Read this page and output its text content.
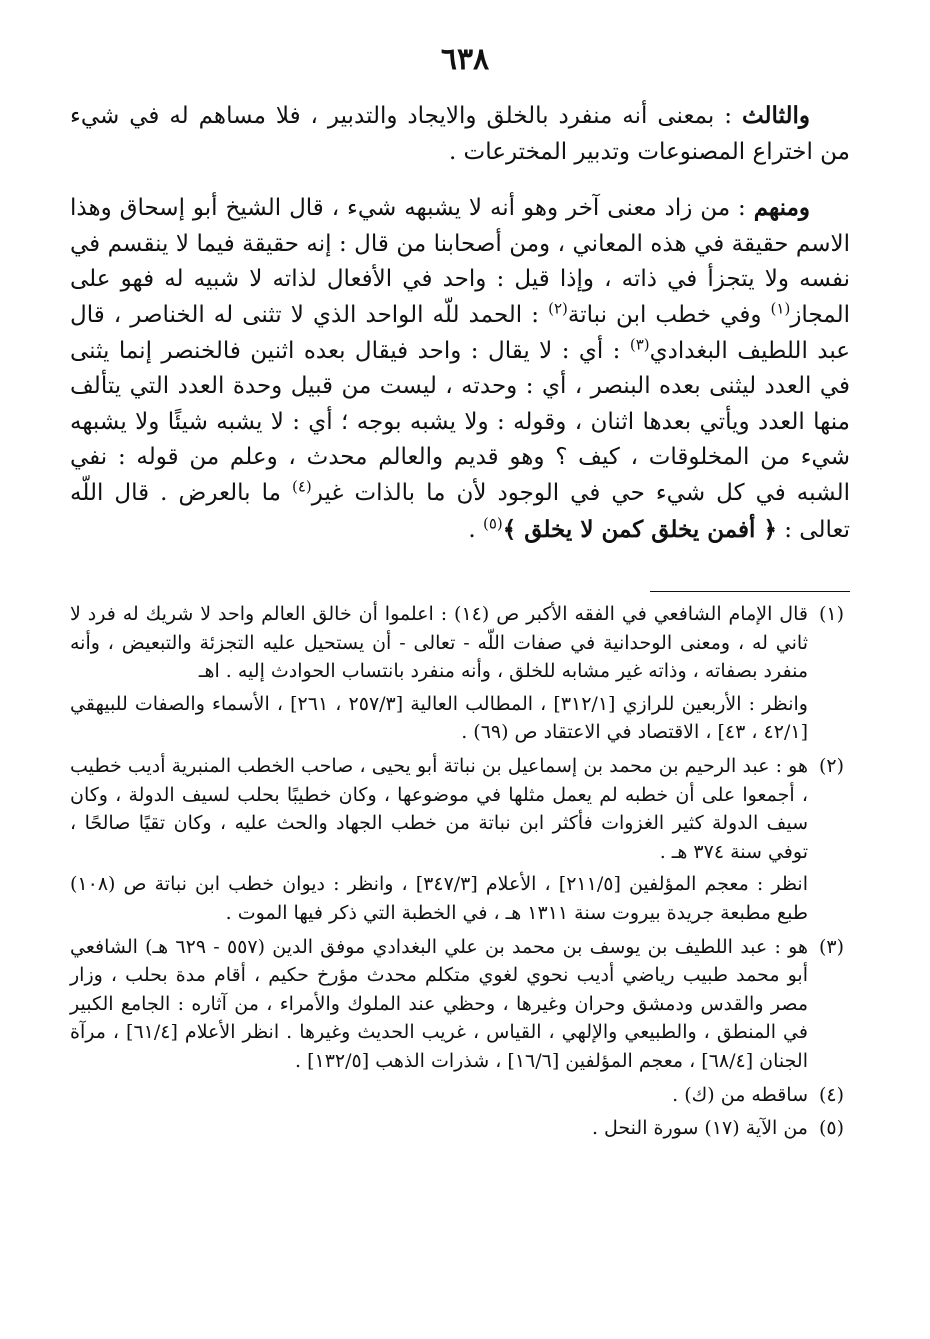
٦٣٨

والثالث : بمعنى أنه منفرد بالخلق والايجاد والتدبير ، فلا مساهم له في شيء من اختراع المصنوعات وتدبير المخترعات .

ومنهم : من زاد معنى آخر وهو أنه لا يشبهه شيء ، قال الشيخ أبو إسحاق وهذا الاسم حقيقة في هذه المعاني ، ومن أصحابنا من قال : إنه حقيقة فيما لا ينقسم في نفسه ولا يتجزأ في ذاته ، وإذا قيل : واحد في الأفعال لذاته لا شبيه له فهو على المجاز$^{(١)}$ وفي خطب ابن نباتة$^{(٢)}$ : الحمد للّه الواحد الذي لا تثنى له الخناصر ، قال عبد اللطيف البغدادي$^{(٣)}$ : أي : لا يقال : واحد فيقال بعده اثنين فالخنصر إنما يثنى في العدد ليثنى بعده البنصر ، أي : وحدته ، ليست من قبيل وحدة العدد التي يتألف منها العدد ويأتي بعدها اثنان ، وقوله : ولا يشبه بوجه ؛ أي : لا يشبه شيئًا ولا يشبهه شيء من المخلوقات ، كيف ؟ وهو قديم والعالم محدث ، وعلم من قوله : نفي الشبه في كل شيء حي في الوجود لأن ما بالذات غير$^{(٤)}$ ما بالعرض . قال اللّه تعالى : ﴿ أفمن يخلق كمن لا يخلق ﴾$^{(٥)}$ .

(١)
قال الإمام الشافعي في الفقه الأكبر ص (١٤) : اعلموا أن خالق العالم واحد لا شريك له فرد لا ثاني له ، ومعنى الوحدانية في صفات اللّه - تعالى - أن يستحيل عليه التجزئة والتبعيض ، وأنه منفرد بصفاته ، وذاته غير مشابه للخلق ، وأنه منفرد بانتساب الحوادث إليه . اهـ
وانظر : الأربعين للرازي [٣١٢/١] ، المطالب العالية [٢٥٧/٣ ، ٢٦١] ، الأسماء والصفات للبيهقي [٤٢/١ ، ٤٣] ، الاقتصاد في الاعتقاد ص (٦٩) .
(٢)
هو : عبد الرحيم بن محمد بن إسماعيل بن نباتة أبو يحيى ، صاحب الخطب المنبرية أديب خطيب ، أجمعوا على أن خطبه لم يعمل مثلها في موضوعها ، وكان خطيبًا بحلب لسيف الدولة ، وكان سيف الدولة كثير الغزوات فأكثر ابن نباتة من خطب الجهاد والحث عليه ، وكان تقيًا صالحًا ، توفي سنة ٣٧٤ هـ .
انظر : معجم المؤلفين [٢١١/٥] ، الأعلام [٣٤٧/٣] ، وانظر : ديوان خطب ابن نباتة ص (١٠٨) طبع مطبعة جريدة بيروت سنة ١٣١١ هـ ، في الخطبة التي ذكر فيها الموت .
(٣)
هو : عبد اللطيف بن يوسف بن محمد بن علي البغدادي موفق الدين (٥٥٧ - ٦٢٩ هـ) الشافعي أبو محمد طبيب رياضي أديب نحوي لغوي متكلم محدث مؤرخ حكيم ، أقام مدة بحلب ، وزار مصر والقدس ودمشق وحران وغيرها ، وحظي عند الملوك والأمراء ، من آثاره : الجامع الكبير في المنطق ، والطبيعي والإلهي ، القياس ، غريب الحديث وغيرها . انظر الأعلام [٦١/٤] ، مرآة الجنان [٦٨/٤] ، معجم المؤلفين [١٦/٦] ، شذرات الذهب [١٣٢/٥] .
(٤)
ساقطه من (ك) .
(٥)
من الآية (١٧) سورة النحل .
